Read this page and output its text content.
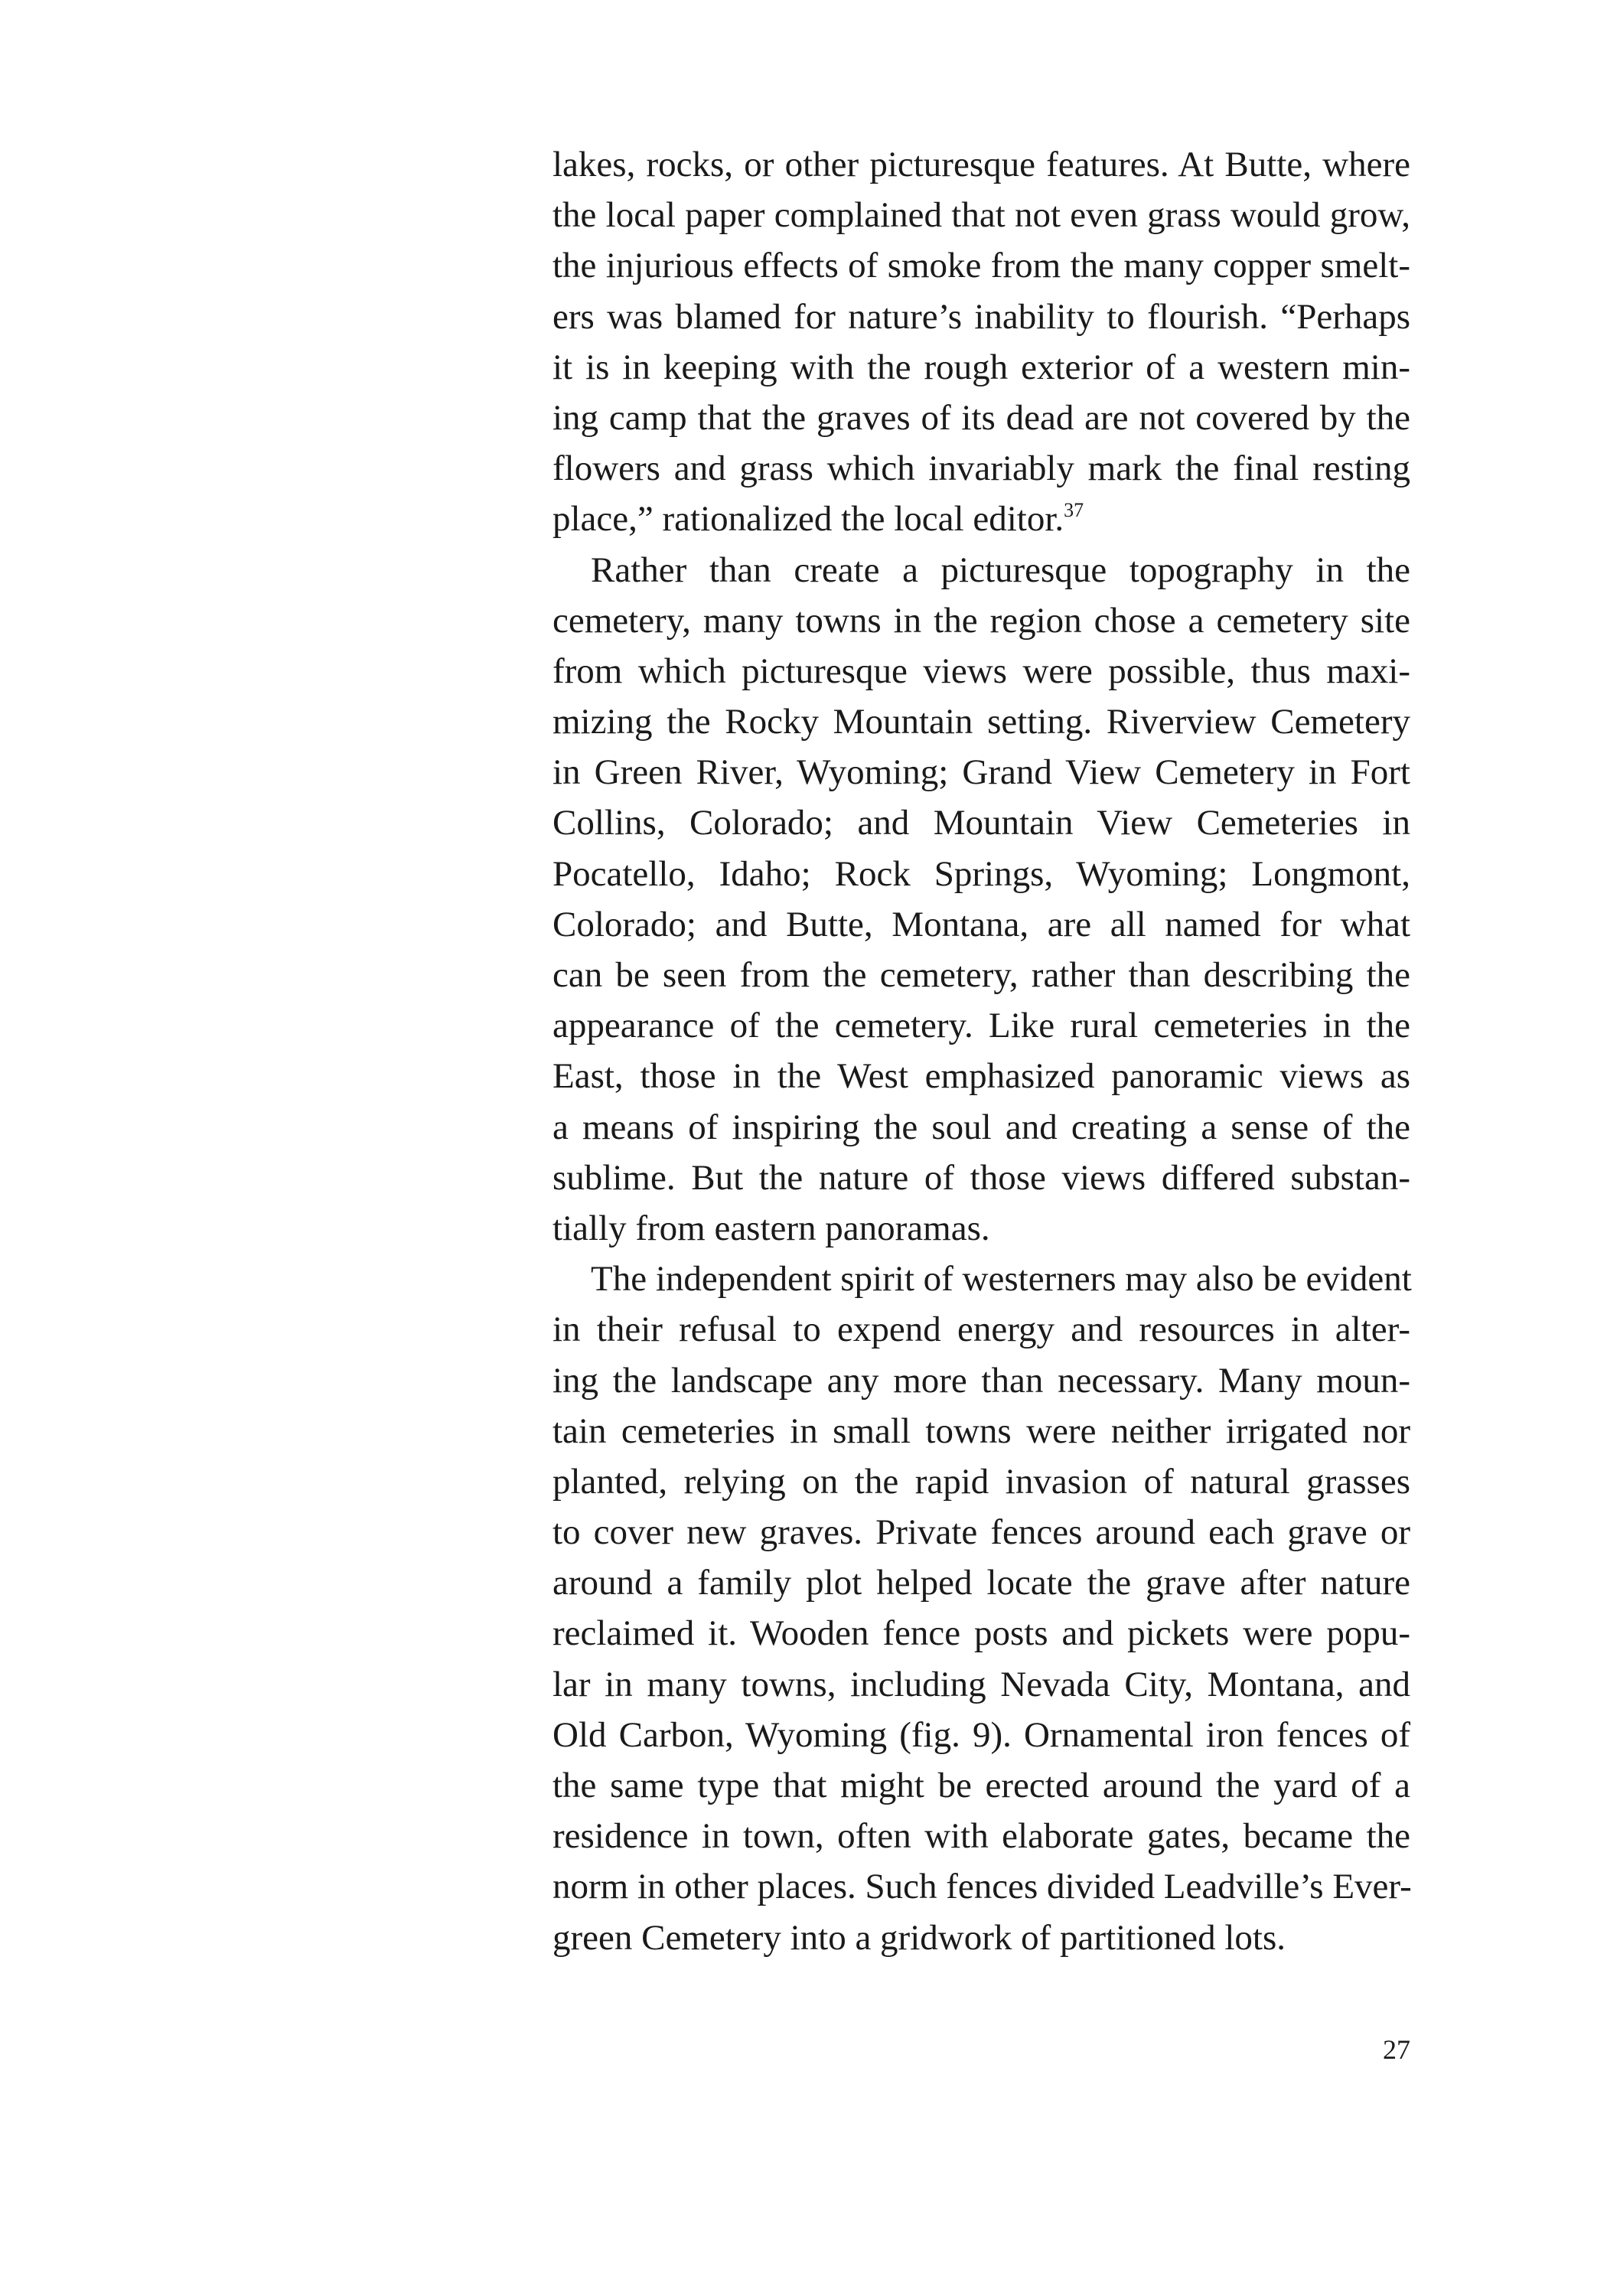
lakes, rocks, or other picturesque features. At Butte, where
the local paper complained that not even grass would grow,
the injurious effects of smoke from the many copper smelt-
ers was blamed for nature’s inability to flourish. “Perhaps
it is in keeping with the rough exterior of a western min-
ing camp that the graves of its dead are not covered by the
flowers and grass which invariably mark the final resting
place,” rationalized the local editor.$^{37}$
Rather than create a picturesque topography in the
cemetery, many towns in the region chose a cemetery site
from which picturesque views were possible, thus maxi-
mizing the Rocky Mountain setting. Riverview Cemetery
in Green River, Wyoming; Grand View Cemetery in Fort
Collins, Colorado; and Mountain View Cemeteries in
Pocatello, Idaho; Rock Springs, Wyoming; Longmont,
Colorado; and Butte, Montana, are all named for what
can be seen from the cemetery, rather than describing the
appearance of the cemetery. Like rural cemeteries in the
East, those in the West emphasized panoramic views as
a means of inspiring the soul and creating a sense of the
sublime. But the nature of those views differed substan-
tially from eastern panoramas.
The independent spirit of westerners may also be evident
in their refusal to expend energy and resources in alter-
ing the landscape any more than necessary. Many moun-
tain cemeteries in small towns were neither irrigated nor
planted, relying on the rapid invasion of natural grasses
to cover new graves. Private fences around each grave or
around a family plot helped locate the grave after nature
reclaimed it. Wooden fence posts and pickets were popu-
lar in many towns, including Nevada City, Montana, and
Old Carbon, Wyoming (fig. 9). Ornamental iron fences of
the same type that might be erected around the yard of a
residence in town, often with elaborate gates, became the
norm in other places. Such fences divided Leadville’s Ever-
green Cemetery into a gridwork of partitioned lots.
27
